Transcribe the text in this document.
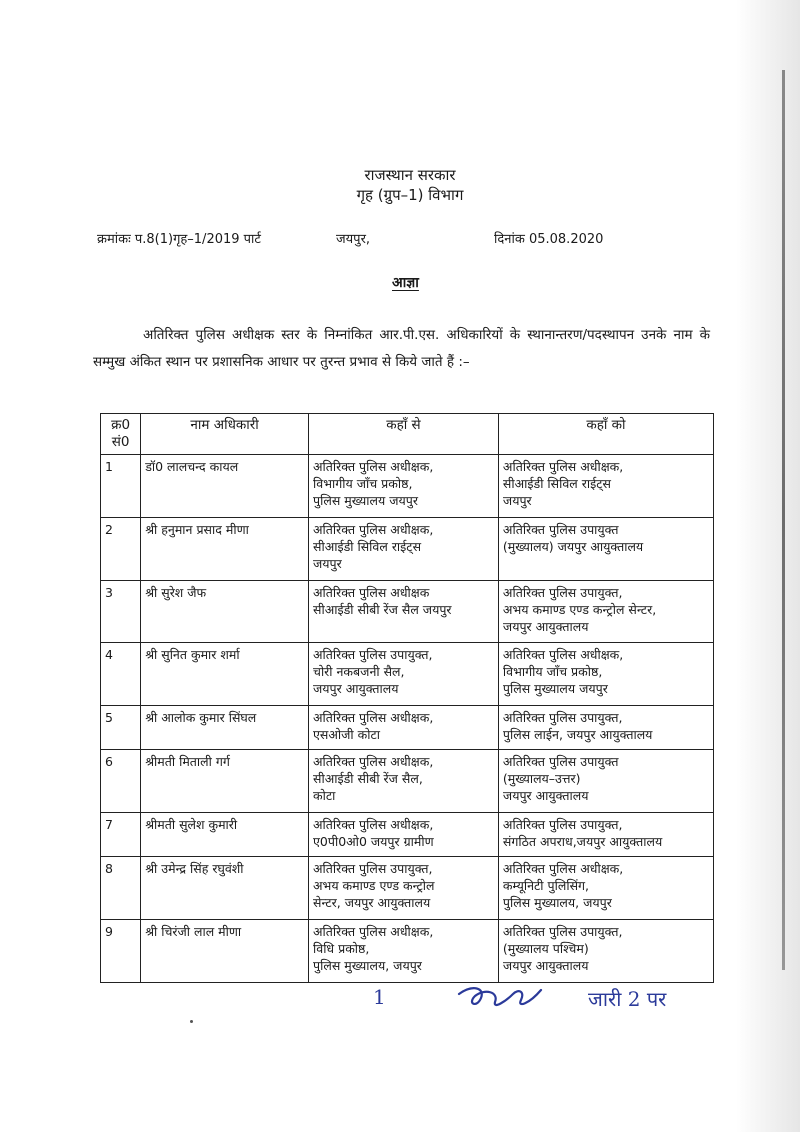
राजस्थान सरकार
गृह (ग्रुप–1) विभाग
क्रमांकः प.8(1)गृह–1/2019 पार्ट	जयपुर,	दिनांक 05.08.2020
आज्ञा
अतिरिक्त पुलिस अधीक्षक स्तर के निम्नांकित आर.पी.एस. अधिकारियों के स्थानान्तरण/पदस्थापन उनके नाम के सम्मुख अंकित स्थान पर प्रशासनिक आधार पर तुरन्त प्रभाव से किये जाते हैं :–
क्र0
सं0	नाम अधिकारी	कहाँ से	कहाँ को
1	डॉ0 लालचन्द कायल	अतिरिक्त पुलिस अधीक्षक,
विभागीय जाँच प्रकोष्ठ,
पुलिस मुख्यालय जयपुर	अतिरिक्त पुलिस अधीक्षक,
सीआईडी सिविल राईट्स
जयपुर

2	श्री हनुमान प्रसाद मीणा	अतिरिक्त पुलिस अधीक्षक,
सीआईडी सिविल राईट्स
जयपुर	अतिरिक्त पुलिस उपायुक्त
(मुख्यालय) जयपुर आयुक्तालय

3	श्री सुरेश जैफ	अतिरिक्त पुलिस अधीक्षक
सीआईडी सीबी रेंज सैल जयपुर	अतिरिक्त पुलिस उपायुक्त,
अभय कमाण्ड एण्ड कन्ट्रोल सेन्टर,
जयपुर आयुक्तालय

4	श्री सुनित कुमार शर्मा	अतिरिक्त पुलिस उपायुक्त,
चोरी नकबजनी सैल,
जयपुर आयुक्तालय	अतिरिक्त पुलिस अधीक्षक,
विभागीय जाँच प्रकोष्ठ,
पुलिस मुख्यालय जयपुर

5	श्री आलोक कुमार सिंघल	अतिरिक्त पुलिस अधीक्षक,
एसओजी कोटा	अतिरिक्त पुलिस उपायुक्त,
पुलिस लाईन, जयपुर आयुक्तालय

6	श्रीमती मिताली गर्ग	अतिरिक्त पुलिस अधीक्षक,
सीआईडी सीबी रेंज सैल,
कोटा	अतिरिक्त पुलिस उपायुक्त
(मुख्यालय–उत्तर)
जयपुर आयुक्तालय

7	श्रीमती सुलेश कुमारी	अतिरिक्त पुलिस अधीक्षक,
ए0पी0ओ0 जयपुर ग्रामीण	अतिरिक्त पुलिस उपायुक्त,
संगठित अपराध,जयपुर आयुक्तालय

8	श्री उमेन्द्र सिंह रघुवंशी	अतिरिक्त पुलिस उपायुक्त,
अभय कमाण्ड एण्ड कन्ट्रोल
सेन्टर, जयपुर आयुक्तालय	अतिरिक्त पुलिस अधीक्षक,
कम्यूनिटी पुलिसिंग,
पुलिस मुख्यालय, जयपुर

9	श्री चिरंजी लाल मीणा	अतिरिक्त पुलिस अधीक्षक,
विधि प्रकोष्ठ,
पुलिस मुख्यालय, जयपुर	अतिरिक्त पुलिस उपायुक्त,
(मुख्यालय पश्चिम)
जयपुर आयुक्तालय
1	जारी 2 पर
